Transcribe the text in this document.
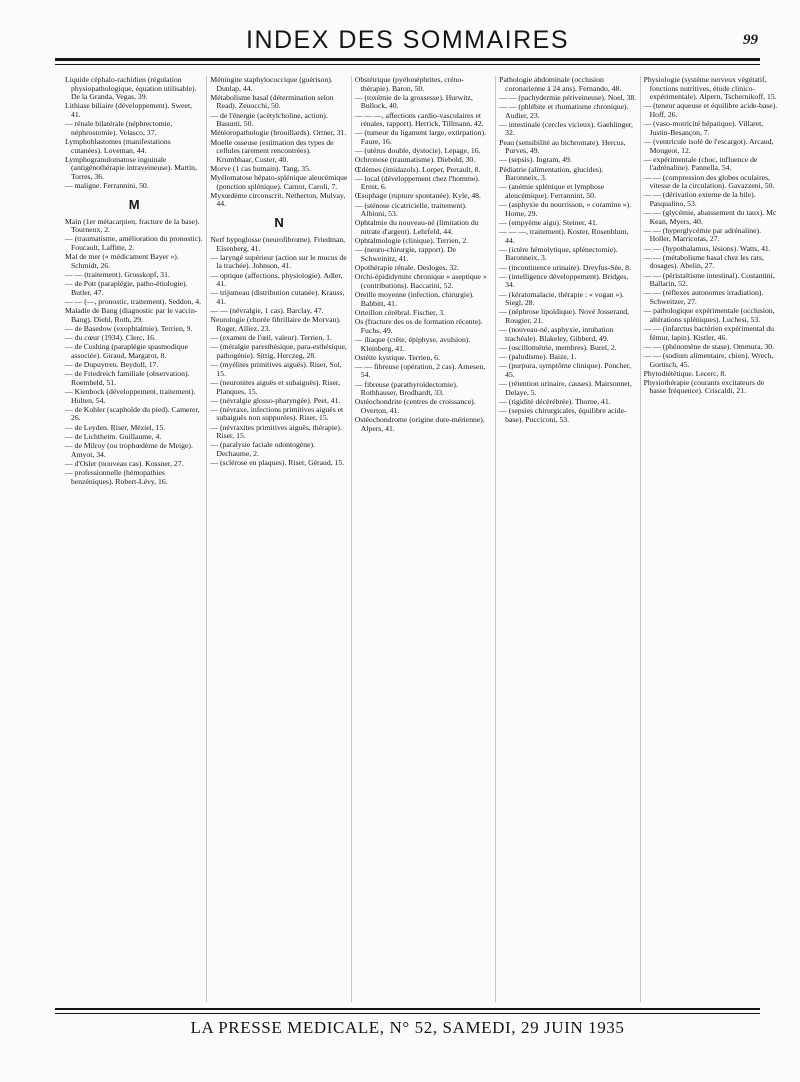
INDEX DES SOMMAIRES	99
Liquide céphalo-rachidien (régulation physiopathologique, équation utilisable). De la Granda, Vegas, 39.
Lithiase biliaire (développement). Sweet, 41.
— rénale bilatérale (néphrectomie, néphrostomie). Velasco, 37.
Lymphoblastomes (manifestations cutanées). Loveman, 44.
Lymphogranulomatose inguinale (antigénothérapie intraveineuse). Martin, Torres, 36.
— maligne. Ferrannini, 50.
M
Main (1er métacarpien, fracture de la base). Tourneux, 2.
— (traumatisme, amélioration du pronostic). Foucault, Laffitte, 2.
Mal de mer (« médicament Bayer »). Schmidt, 26.
— — (traitement). Grosskopf, 31.
— de Pott (paraplégie, patho-étiologie). Butler, 47.
— — (—, pronostic, traitement). Seddon, 4.
Maladie de Bang (diagnostic par le vaccin-Bang). Diehl, Roth, 29.
— de Basedow (exophtalmie). Terrien, 9.
— du cœur (1934). Clerc, 16.
— de Cushing (paraplégie spasmodique associée). Giraud, Margarot, 8.
— de Dupuytren. Beydoll, 17.
— de Friedreich familiale (observation). Roemheld, 51.
— Kienbock (développement, traitement). Hulten, 54.
— de Kohler (scaphoïde du pied). Camerer, 26.
— de Leyden. Riser, Méziel, 15.
— de Lichtheim. Guillaume, 4.
— de Milroy (ou trophœdème de Meige). Amyot, 34.
— d'Osler (nouveau cas). Kossner, 27.
— professionnelle (hémopathies benzéniques). Robert-Lévy, 16.
Méningite staphylococcique (guérison). Dunlap, 44.
Métabolisme basal (détermination selon Read). Zeuocchi, 50.
— de l'énergie (acétylcholine, action). Basunti, 50.
Météoropathologie (brouillards). Ortner, 31.
Moelle osseuse (estimation des types de cellules rarement rencontrées). Krumbhaar, Custer, 40.
Morve (1 cas humain). Tang, 35.
Myélomatose hépato-splénique aleucémique (ponction splénique). Carnot, Caroli, 7.
Myxœdème circonscrit. Netherton, Mulvay, 44.
N
Nerf hypoglosse (neurofibrome). Friedman, Eisenberg, 41.
— laryngé supérieur (action sur le mucus de la trachée). Johnson, 41.
— optique (affections, physiologie). Adler, 41.
— trijumeau (distribution cutanée). Krauss, 41.
— — (névralgie, 1 cas). Barclay, 47.
Neurologie (chorée fibrillaire de Morvan). Roger, Alliez, 23.
— (examen de l'œil, valeur). Terrien, 1.
— (méralgie paresthésique, para-esthésique, pathogénie). Sittig, Herczeg, 28.
— (myélites primitives aiguës). Riser, Sol, 15.
— (neuronites aiguës et subaiguës). Riser, Planques, 15.
— (névralgie glosso-pharyngée). Peet, 41.
— (névraxe, infections primitives aiguës et subaiguës non suppurées). Riser, 15.
— (névraxites primitives aiguës, thérapie). Riser, 15.
— (paralysie faciale odontogène). Dechaume, 2.
— (sclérose en plaques). Riser, Géraud, 15.
Obstétrique (pyélonéphrites, créno-thérapie). Baron, 50.
— (toxémie de la grossesse). Hurwitz, Bullock, 40.
— — —, affections cardio-vasculaires et rénales, rapport). Herrick, Tillmann, 42.
— (tumeur du ligament large, extirpation). Faure, 16.
— (utérus double, dystocie). Lepage, 16.
Ochronose (traumatisme). Diebold, 30.
Œdèmes (imidazols). Lorper, Perrault, 8.
— local (développement chez l'homme). Ernst, 6.
Œsophage (rupture spontanée). Kyle, 48.
— (sténose cicatricielle, traitement). Albioni, 53.
Ophtalmie du nouveau-né (limitation du nitrate d'argent). Lehrfeld, 44.
Ophtalmologie (clinique). Terrien, 2.
— (neuro-chirurgie, rapport). De Schweinitz, 41.
Opothérapie rénale. Desloges, 32.
Orchi-épididymite chronique « aseptique » (contributions). Baccarini, 52.
Oreille moyenne (infection, chirurgie). Babbitt, 41.
Orteillon cérébral. Fischer, 3.
Os (fracture des os de formation récente). Fuchs, 49.
— iliaque (crête, épiphyse, avulsion). Kleinberg, 41.
Ostéite kystique. Terrien, 6.
— — fibreuse (opération, 2 cas). Arnesen, 54.
— fibreuse (parathyroïdectomie). Rothhauser, Brodhardt, 33.
Ostéochondrite (centres de croissance). Overton, 41.
Ostéochondrome (origine dure-mérienne). Alpers, 41.
Pathologie abdominale (occlusion coronarienne à 24 ans). Fernando, 48.
— — (pachydermie périveineuse). Noel, 38.
— — (phlébite et rhumatisme chronique). Audier, 23.
— intestinale (cercles vicieux). Gaehlinger, 32.
Peau (sensibilité au bichromate). Hercus, Purves, 49.
— (sepsis). Ingram, 49.
Pédiatrie (alimentation, glucides). Baronneix, 3.
— (anémie splénique et lymphose aleucémique). Ferrannini, 50.
— (asphyxie du nourrisson, « coramine »). Home, 29.
— (empyème aigu). Steiner, 41.
— — —, traitement). Koster, Rosenblum, 44.
— (ictère hémolytique, splénectomie). Baronneix, 3.
— (incontinence urinaire). Dreyfus-Sée, 8.
— (intelligence développement). Bridges, 34.
— (kératomalacie, thérapie : « vogan »). Siegl, 28.
— (néphrose lipoïdique). Nové Josserand, Rougier, 21.
— (nouveau-né, asphyxie, intubation trachéale). Blakeley, Gibberd, 49.
— (oscillométrie, membres). Burel, 2.
— (paludisme). Baize, 1.
— (purpura, symptôme clinique). Poncher, 45.
— (rétention urinaire, causes). Mairsonnet, Delaye, 5.
— (rigidité décérébrée). Thorne, 41.
— (sepsies chirurgicales, équilibre acide-base). Pucciconi, 53.
Physiologie (système nerveux végétatif, fonctions nutritives, étude clinico-expérimentale). Alpern, Tschernikoff, 15.
— (teneur aqueuse et équilibre acide-base). Hoff, 26.
— (vaso-motricité hépatique). Villaret, Justin-Besançon, 7.
— (ventricule isolé de l'escargot). Arcaud, Mougeot, 12.
— expérimentale (choc, influence de l'adrénaline). Pannella, 54.
— — (compression des globes oculaires, vitesse de la circulation). Gavazzeni, 50.
— — (dérivation externe de la bile). Pasqualino, 53.
— — (glycémie, abaissement du taux). Mc Kean, Myers, 40.
— — (hyperglycémie par adrénaline). Holler, Marricotas, 27.
— — (hypothalamus, lésions). Watts, 41.
— — (métabolisme basal chez les rats, dosages). Abelin, 27.
— — (péristaltisme intestinal). Costantini, Ballarin, 52.
— — (réflexes autonomes irradiation). Schweitzer, 27.
— pathologique expérimentale (occlusion, altérations spléniques). Luchesi, 53.
— — (infarctus bactérien expérimental du fémur, lapin). Kistler, 46.
— — (phénomène de stase). Ommura, 30.
— — (sodium alimentaire, chien). Wrech, Gortisch, 45.
Phytodiététique. Lecerc, 8.
Physiothérapie (courants excitateurs de basse fréquence). Criscaldi, 21.
LA PRESSE MEDICALE, N° 52, SAMEDI, 29 JUIN 1935
